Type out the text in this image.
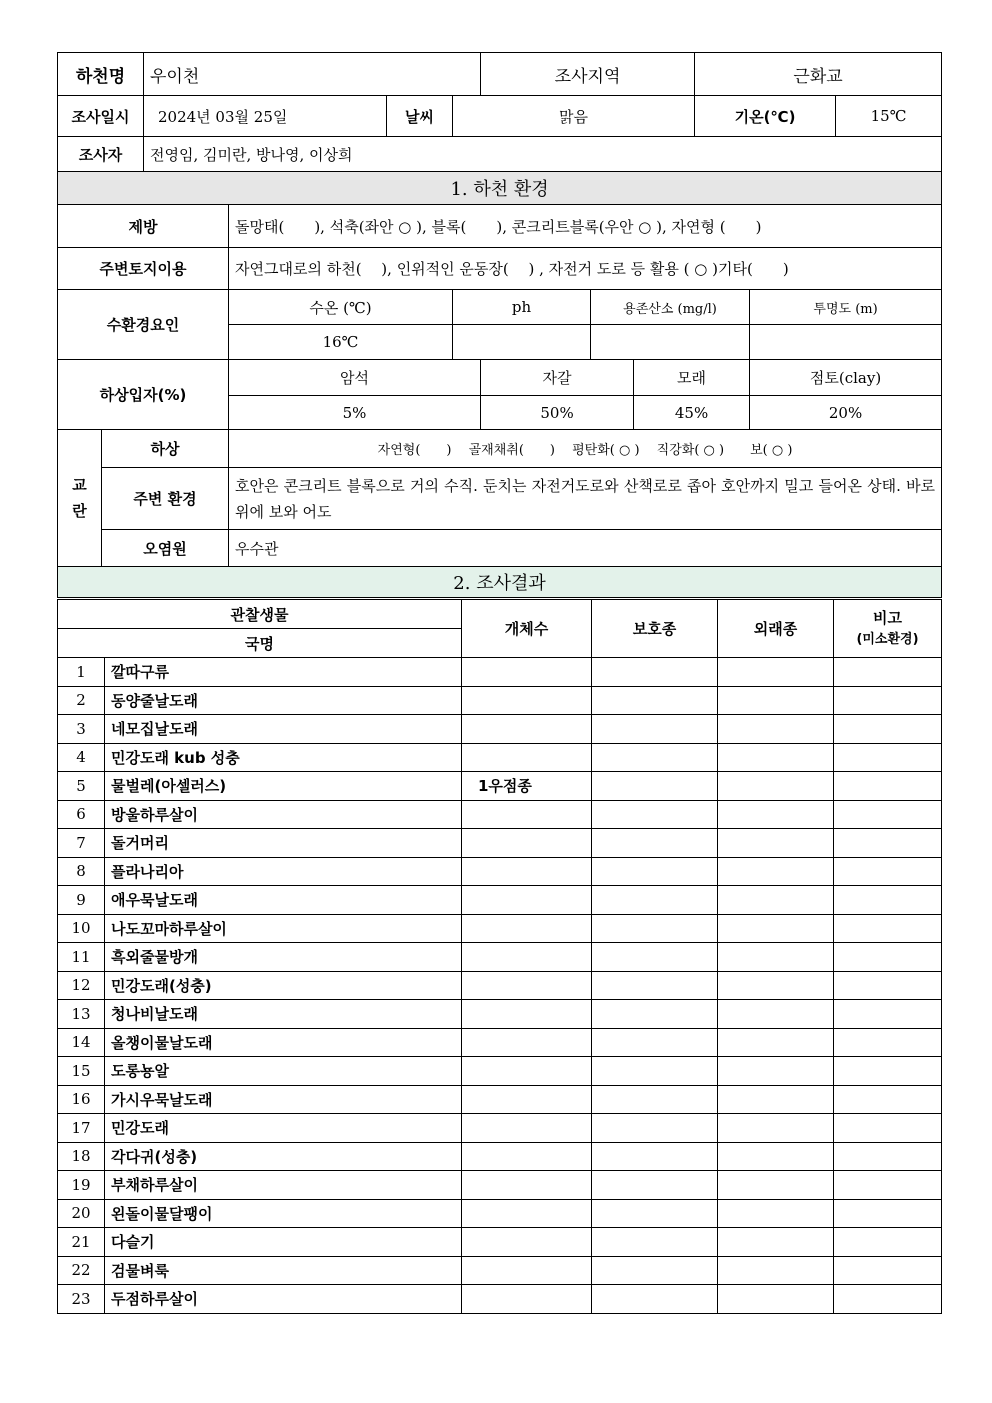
하천명		우이천				조사지역			근화교		
조사일시		2024년 03월 25일		날씨	맑음				기온(℃)		15℃
조사자		전영임, 김미란, 방나영, 이상희									
1. 하천 환경											
제방			돌망태(　　), 석축(좌안 ○ ), 블록(　　), 콘크리트블록(우안 ○ ), 자연형 (　　)								
주변토지이용			자연그대로의 하천(　 ), 인위적인 운동장(　 ) , 자전거 도로 등 활용 ( ○ )기타(　　)								
수환경요인			수온 (℃)		ph		용존산소 (mg/l)			투명도 (m)	
			16℃								
하상입자(%)			암석			자갈		모래		점토(clay)	
			5%			50%		45%		20%	
교란	하상		자연형(　　)　 골재채취(　　)　 평탄화( ○ )　 직강화( ○ )　　보( ○ )								
	주변 환경		호안은 콘크리트 블록으로 거의 수직. 둔치는 자전거도로와 산책로로 좁아 호안까지 밀고 들어온 상태. 바로 위에 보와 어도								
	오염원		우수관								
2. 조사결과											
관찰생물		개체수	보호종	외래종	비고
(미소환경)

국명					
1	깔따구류				
2	동양줄날도래				
3	네모집날도래				
4	민강도래 kub 성충				
5	물벌레(아셀러스)	1우점종			
6	방울하루살이				
7	돌거머리				
8	플라나리아				
9	애우묵날도래				
10	나도꼬마하루살이				
11	흑외줄물방개				
12	민강도래(성충)				
13	청나비날도래				
14	올챙이물날도래				
15	도롱뇽알				
16	가시우묵날도래				
17	민강도래				
18	각다귀(성충)				
19	부채하루살이				
20	왼돌이물달팽이				
21	다슬기				
22	검물벼룩				
23	두점하루살이				
